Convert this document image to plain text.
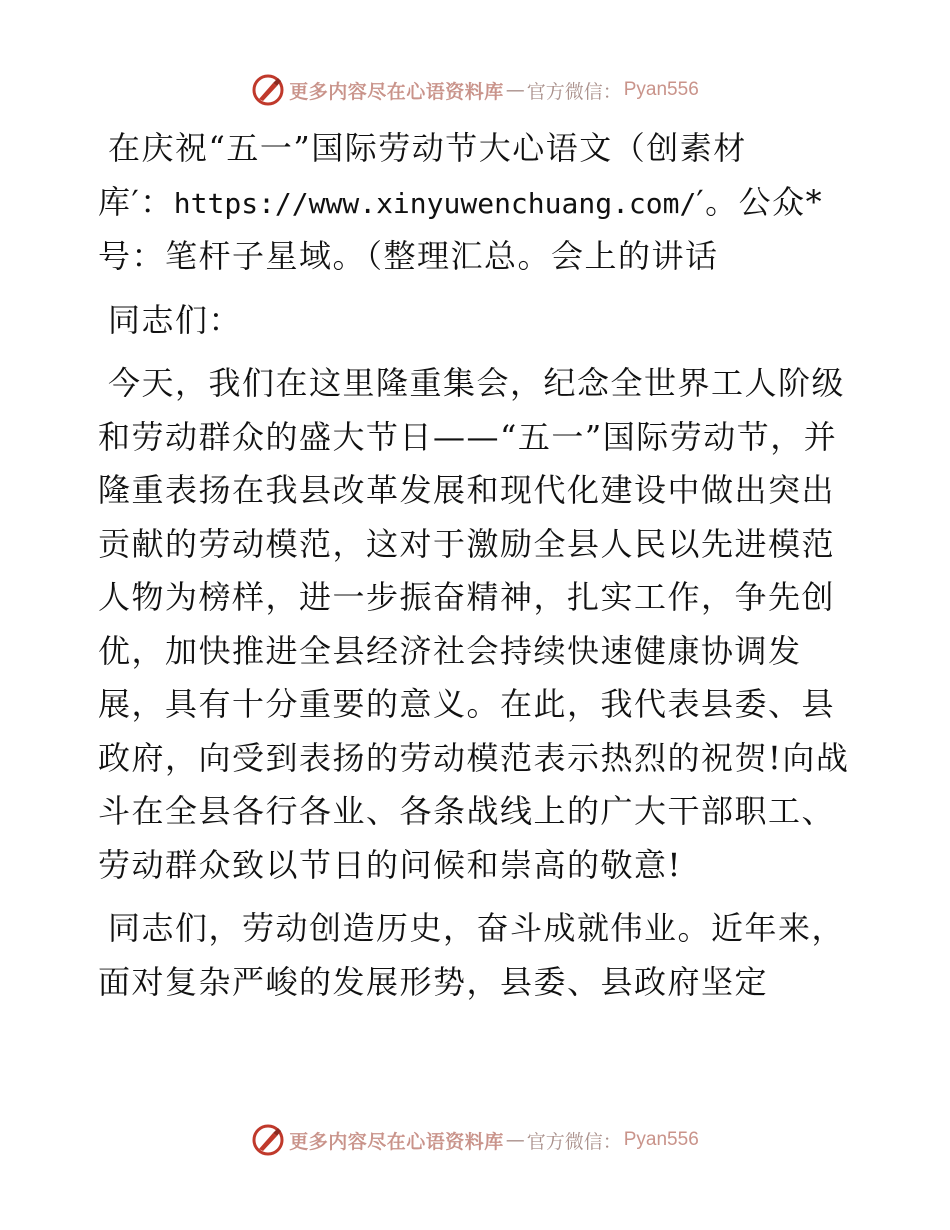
更多内容尽在心语资料库 — 官方微信： Pyan556
在庆祝“五一”国际劳动节大心语文（创素材
库′：https://www.xinyuwenchuang.com/′。公众*
号：笔杆子星域。（整理汇总。会上的讲话

同志们：

今天，我们在这里隆重集会，纪念全世界工人阶级和劳动群众的盛大节日——“五一”国际劳动节，并隆重表扬在我县改革发展和现代化建设中做出突出贡献的劳动模范，这对于激励全县人民以先进模范人物为榜样，进一步振奋精神，扎实工作，争先创优，加快推进全县经济社会持续快速健康协调发展，具有十分重要的意义。在此，我代表县委、县政府，向受到表扬的劳动模范表示热烈的祝贺!向战斗在全县各行各业、各条战线上的广大干部职工、劳动群众致以节日的问候和崇高的敬意!

同志们，劳动创造历史，奋斗成就伟业。近年来，面对复杂严峻的发展形势，县委、县政府坚定

更多内容尽在心语资料库 — 官方微信： Pyan556
